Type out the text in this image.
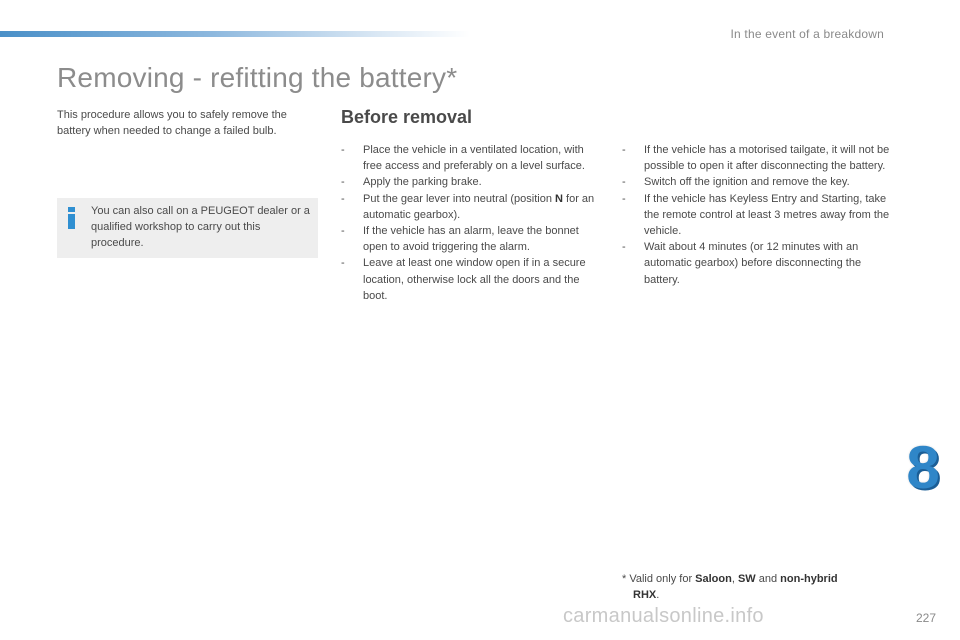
In the event of a breakdown
Removing - refitting the battery*

This procedure allows you to safely remove the battery when needed to change a failed bulb.

You can also call on a PEUGEOT dealer or a qualified workshop to carry out this procedure.

Before removal
- Place the vehicle in a ventilated location, with free access and preferably on a level surface.
- Apply the parking brake.
- Put the gear lever into neutral (position N for an automatic gearbox).
- If the vehicle has an alarm, leave the bonnet open to avoid triggering the alarm.
- Leave at least one window open if in a secure location, otherwise lock all the doors and the boot.
- If the vehicle has a motorised tailgate, it will not be possible to open it after disconnecting the battery.
- Switch off the ignition and remove the key.
- If the vehicle has Keyless Entry and Starting, take the remote control at least 3 metres away from the vehicle.
- Wait about 4 minutes (or 12 minutes with an automatic gearbox) before disconnecting the battery.

* Valid only for Saloon, SW and non-hybrid
RHX.

8
227
carmanualsonline.info
